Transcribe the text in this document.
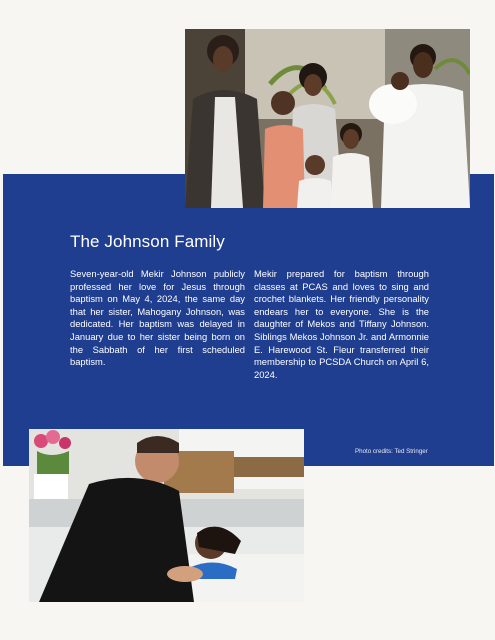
The Johnson Family

Seven-year-old Mekir Johnson publicly professed her love for Jesus through baptism on May 4, 2024, the same day that her sister, Mahogany Johnson, was dedicated. Her baptism was delayed in January due to her sister being born on the Sabbath of her first scheduled baptism.

Mekir prepared for baptism through classes at PCAS and loves to sing and crochet blankets. Her friendly personality endears her to everyone. She is the daughter of Mekos and Tiffany Johnson. Siblings Mekos Johnson Jr. and Armonnie E. Harewood St. Fleur transferred their membership to PCSDA Church on April 6, 2024.

Photo credits: Ted Stringer
